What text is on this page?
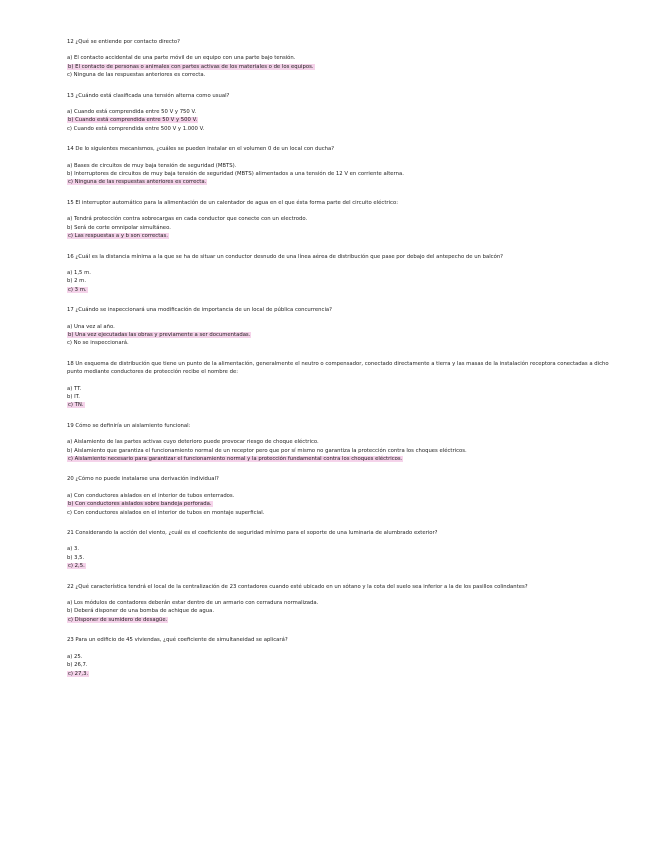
12 ¿Qué se entiende por contacto directo?
a) El contacto accidental de una parte móvil de un equipo con una parte bajo tensión.
b) El contacto de personas o animales con partes activas de los materiales o de los equipos.
c) Ninguna de las respuestas anteriores es correcta.
13 ¿Cuándo está clasificada una tensión alterna como usual?
a) Cuando está comprendida entre 50 V y 750 V.
b) Cuando está comprendida entre 50 V y 500 V.
c) Cuando está comprendida entre 500 V y 1.000 V.
14 De lo siguientes mecanismos, ¿cuáles se pueden instalar en el volumen 0 de un local con ducha?
a) Bases de circuitos de muy baja tensión de seguridad (MBTS).
b) Interruptores de circuitos de muy baja tensión de seguridad (MBTS) alimentados a una tensión de 12 V en corriente alterna.
c) Ninguna de las respuestas anteriores es correcta.
15 El interruptor automático para la alimentación de un calentador de agua en el que ésta forma parte del circuito eléctrico:
a) Tendrá protección contra sobrecargas en cada conductor que conecte con un electrodo.
b) Será de corte omnipolar simultáneo.
c) Las respuestas a y b son correctas.
16 ¿Cuál es la distancia mínima a la que se ha de situar un conductor desnudo de una línea aérea de distribución que pase por debajo del antepecho de un balcón?
a) 1,5 m.
b) 2 m.
c) 3 m.
17 ¿Cuándo se inspeccionará una modificación de importancia de un local de pública concurrencia?
a) Una vez al año.
b) Una vez ejecutadas las obras y previamente a ser documentadas.
c) No se inspeccionará.
18 Un esquema de distribución que tiene un punto de la alimentación, generalmente el neutro o compensador, conectado directamente a tierra y las masas de la instalación receptora conectadas a dicho punto mediante conductores de protección recibe el nombre de:
a) TT.
b) IT.
c) TN.
19 Cómo se definiría un aislamiento funcional:
a) Aislamiento de las partes activas cuyo deterioro puede provocar riesgo de choque eléctrico.
b) Aislamiento que garantiza el funcionamiento normal de un receptor pero que por sí mismo no garantiza la protección contra los choques eléctricos.
c) Aislamiento necesario para garantizar el funcionamiento normal y la protección fundamental contra los choques eléctricos.
20 ¿Cómo no puede instalarse una derivación individual?
a) Con conductores aislados en el interior de tubos enterrados.
b) Con conductores aislados sobre bandeja perforada.
c) Con conductores aislados en el interior de tubos en montaje superficial.
21 Considerando la acción del viento, ¿cuál es el coeficiente de seguridad mínimo para el soporte de una luminaria de alumbrado exterior?
a) 3.
b) 3,5.
c) 2,5.
22 ¿Qué característica tendrá el local de la centralización de 23 contadores cuando esté ubicado en un sótano y la cota del suelo sea inferior a la de los pasillos colindantes?
a) Los módulos de contadores deberán estar dentro de un armario con cerradura normalizada.
b) Deberá disponer de una bomba de achique de agua.
c) Disponer de sumidero de desagüe.
23 Para un edificio de 45 viviendas, ¿qué coeficiente de simultaneidad se aplicará?
a) 25.
b) 26,7.
c) 27,3.
